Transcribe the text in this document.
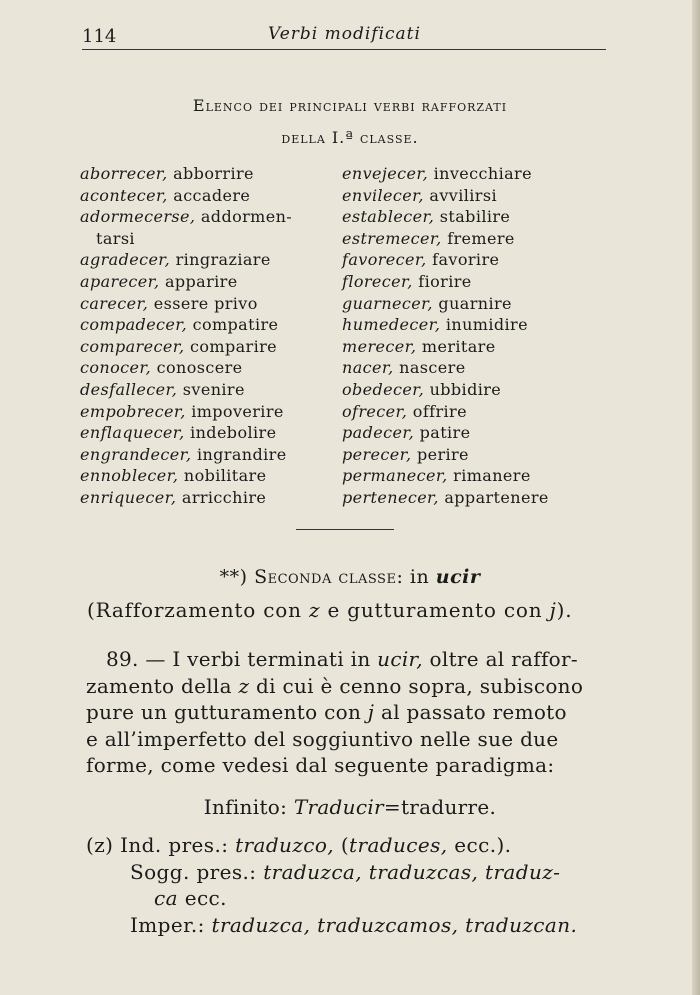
114	Verbi modificati
Elenco dei principali verbi rafforzati
della I.ª classe.
aborrecer, abborrire
acontecer, accadere
adormecerse, addormen-
tarsi
agradecer, ringraziare
aparecer, apparire
carecer, essere privo
compadecer, compatire
comparecer, comparire
conocer, conoscere
desfallecer, svenire
empobrecer, impoverire
enflaquecer, indebolire
engrandecer, ingrandire
ennoblecer, nobilitare
enriquecer, arricchire
envejecer, invecchiare
envilecer, avvilirsi
establecer, stabilire
estremecer, fremere
favorecer, favorire
florecer, fiorire
guarnecer, guarnire
humedecer, inumidire
merecer, meritare
nacer, nascere
obedecer, ubbidire
ofrecer, offrire
padecer, patire
perecer, perire
permanecer, rimanere
pertenecer, appartenere
**) Seconda classe: in ucir
(Rafforzamento con z e gutturamento con j).
89. — I verbi terminati in ucir, oltre al raffor-
zamento della z di cui è cenno sopra, subiscono
pure un gutturamento con j al passato remoto
e all’imperfetto del soggiuntivo nelle sue due
forme, come vedesi dal seguente paradigma:
Infinito: Traducir=tradurre.
(z) Ind. pres.: traduzco, (traduces, ecc.).
Sogg. pres.: traduzca, traduzcas, traduz-
ca ecc.
Imper.: traduzca, traduzcamos, traduzcan.
